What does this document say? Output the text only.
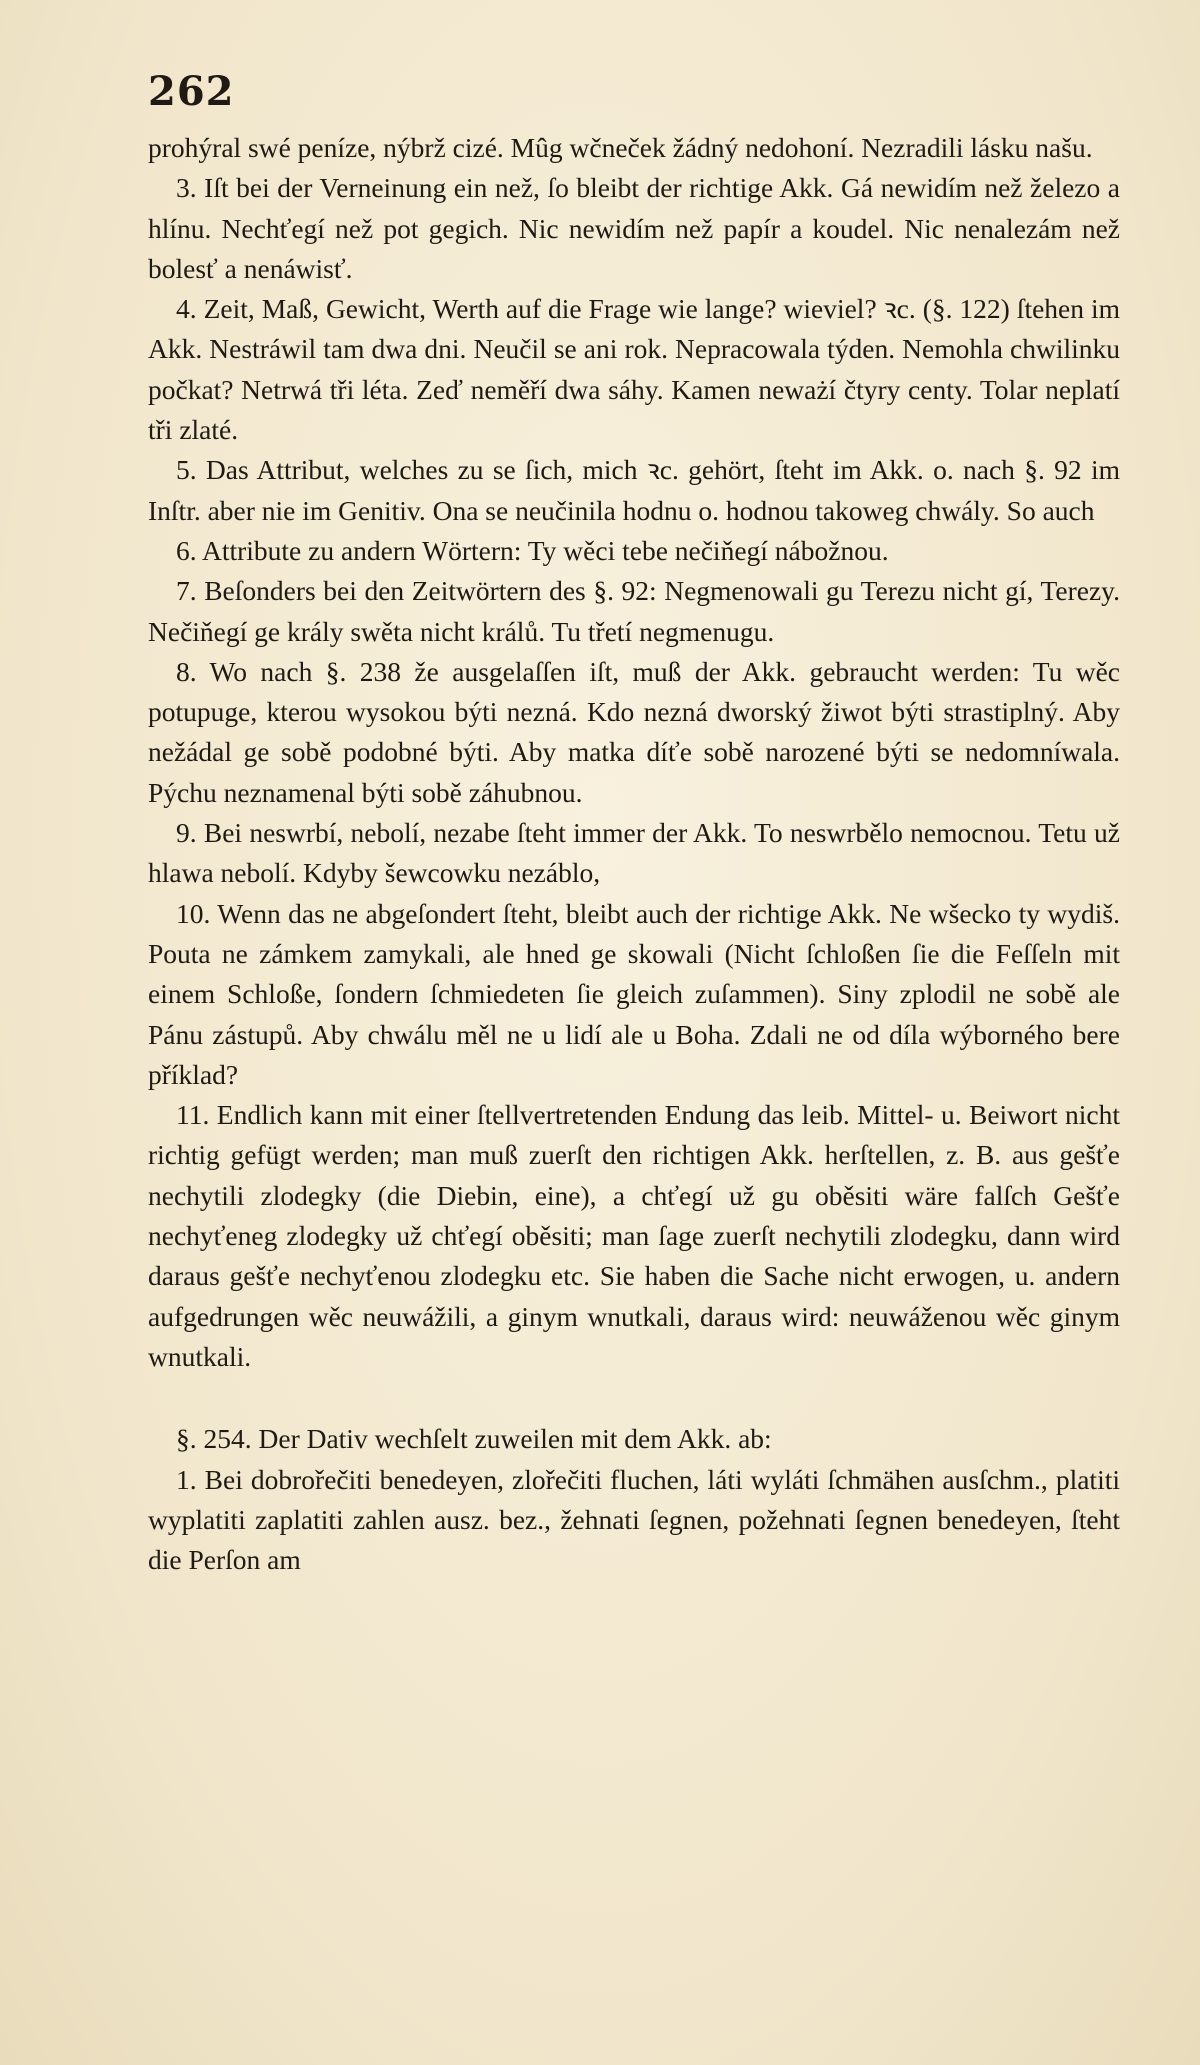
262

prohýral swé peníze, nýbrž cizé. Mûg wčneček žádný nedohoní. Nezradili lásku našu.

3. Iſt bei der Verneinung ein než, ſo bleibt der richtige Akk. Gá newidím než železo a hlínu. Nechťegí než pot gegich. Nic newidím než papír a koudel. Nic nenalezám než bolesť a nenáwisť.

4. Zeit, Maß, Gewicht, Werth auf die Frage wie lange? wieviel? ꝛc. (§. 122) ſtehen im Akk. Nestráwil tam dwa dni. Neučil se ani rok. Nepracowala týden. Nemohla chwilinku počkat? Netrwá tři léta. Zeď neměří dwa sáhy. Kamen neważí čtyry centy. Tolar neplatí tři zlaté.

5. Das Attribut, welches zu se ſich, mich ꝛc. gehört, ſteht im Akk. o. nach §. 92 im Inſtr. aber nie im Genitiv. Ona se neučinila hodnu o. hodnou takoweg chwály. So auch

6. Attribute zu andern Wörtern: Ty wěci tebe nečiňegí nábožnou.

7. Beſonders bei den Zeitwörtern des §. 92: Negmenowali gu Terezu nicht gí, Terezy. Nečiňegí ge krály swěta nicht králů. Tu třetí negmenugu.

8. Wo nach §. 238 že ausgelaſſen iſt, muß der Akk. gebraucht werden: Tu wěc potupuge, kterou wysokou býti nezná. Kdo nezná dworský žiwot býti strastiplný. Aby nežádal ge sobě podobné býti. Aby matka díťe sobě narozené býti se nedomníwala. Pýchu neznamenal býti sobě záhubnou.

9. Bei neswrbí, nebolí, nezabe ſteht immer der Akk. To neswrbělo nemocnou. Tetu už hlawa nebolí. Kdyby šewcowku nezáblo,

10. Wenn das ne abgeſondert ſteht, bleibt auch der richtige Akk. Ne wšecko ty wydiš. Pouta ne zámkem zamykali, ale hned ge skowali (Nicht ſchloßen ſie die Feſſeln mit einem Schloße, ſondern ſchmiedeten ſie gleich zuſammen). Siny zplodil ne sobě ale Pánu zástupů. Aby chwálu měl ne u lidí ale u Boha. Zdali ne od díla wýborného bere příklad?

11. Endlich kann mit einer ſtellvertretenden Endung das leib. Mittel- u. Beiwort nicht richtig gefügt werden; man muß zuerſt den richtigen Akk. herſtellen, z. B. aus gešťe nechytili zlodegky (die Diebin, eine), a chťegí už gu oběsiti wäre falſch Gešťe nechyťeneg zlodegky už chťegí oběsiti; man ſage zuerſt nechytili zlodegku, dann wird daraus gešťe nechyťenou zlodegku etc. Sie haben die Sache nicht erwogen, u. andern aufgedrungen wěc neuwážili, a ginym wnutkali, daraus wird: neuwáženou wěc ginym wnutkali.

§. 254. Der Dativ wechſelt zuweilen mit dem Akk. ab:

1. Bei dobrořečiti benedeyen, zlořečiti fluchen, láti wyláti ſchmähen ausſchm., platiti wyplatiti zaplatiti zahlen ausz. bez., žehnati ſegnen, požehnati ſegnen benedeyen, ſteht die Perſon am
